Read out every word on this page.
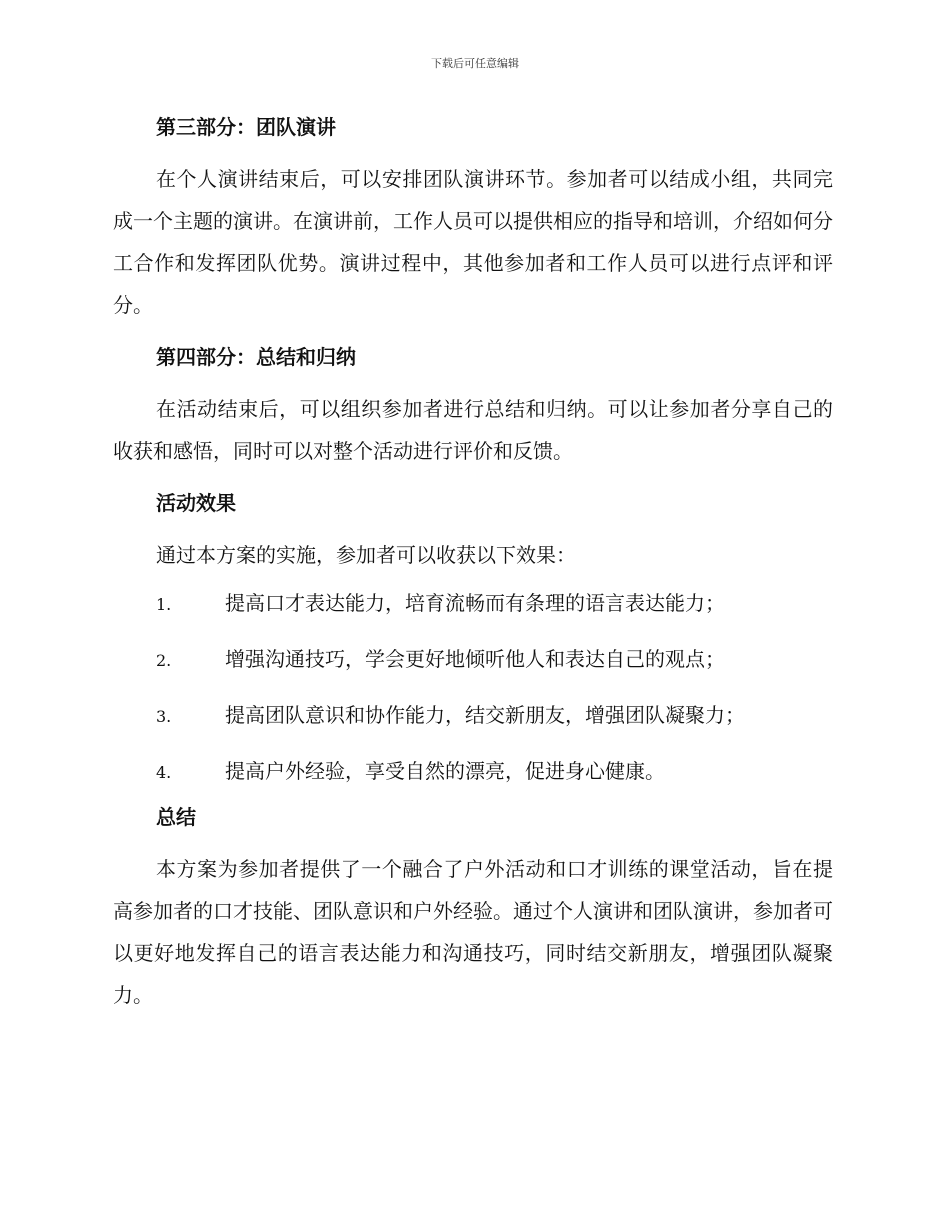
下载后可任意编辑
第三部分：团队演讲

在个人演讲结束后，可以安排团队演讲环节。参加者可以结成小组，共同完成一个主题的演讲。在演讲前，工作人员可以提供相应的指导和培训，介绍如何分工合作和发挥团队优势。演讲过程中，其他参加者和工作人员可以进行点评和评分。

第四部分：总结和归纳

在活动结束后，可以组织参加者进行总结和归纳。可以让参加者分享自己的收获和感悟，同时可以对整个活动进行评价和反馈。

活动效果

通过本方案的实施，参加者可以收获以下效果：

1.	提高口才表达能力，培育流畅而有条理的语言表达能力；
2.	增强沟通技巧，学会更好地倾听他人和表达自己的观点；
3.	提高团队意识和协作能力，结交新朋友，增强团队凝聚力；
4.	提高户外经验，享受自然的漂亮，促进身心健康。
总结

本方案为参加者提供了一个融合了户外活动和口才训练的课堂活动，旨在提高参加者的口才技能、团队意识和户外经验。通过个人演讲和团队演讲，参加者可以更好地发挥自己的语言表达能力和沟通技巧，同时结交新朋友，增强团队凝聚力。
